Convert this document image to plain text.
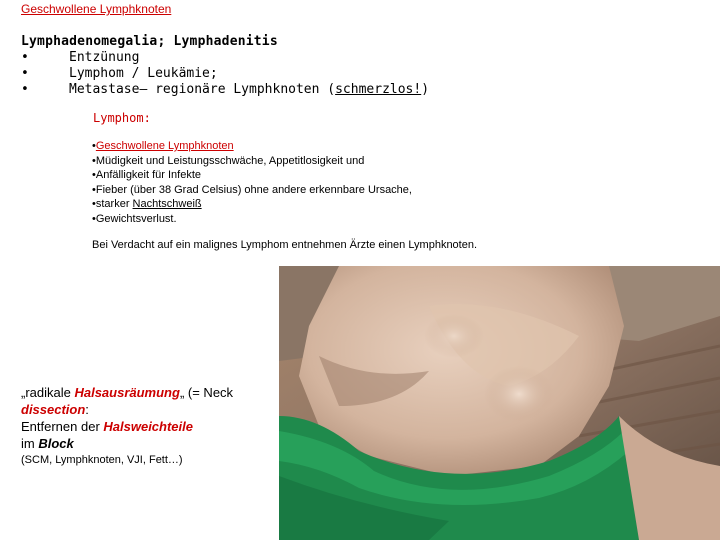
Geschwollene Lymphknoten
Lymphadenomegalia; Lymphadenitis
•	Entzünung
•	Lymphom / Leukämie;
•	Metastase– regionäre Lymphknoten (schmerzlos!)
Lymphom:
•Geschwollene Lymphknoten
•Müdigkeit und Leistungsschwäche, Appetitlosigkeit und
•Anfälligkeit für Infekte
•Fieber (über 38 Grad Celsius) ohne andere erkennbare Ursache,
•starker Nachtschweiß
•Gewichtsverlust.
Bei Verdacht auf ein malignes Lymphom entnehmen Ärzte einen Lymphknoten.
„radikale Halsausräumung„ (= Neck
dissection:
Entfernen der Halsweichteile
im Block
(SCM, Lymphknoten, VJI, Fett…)
